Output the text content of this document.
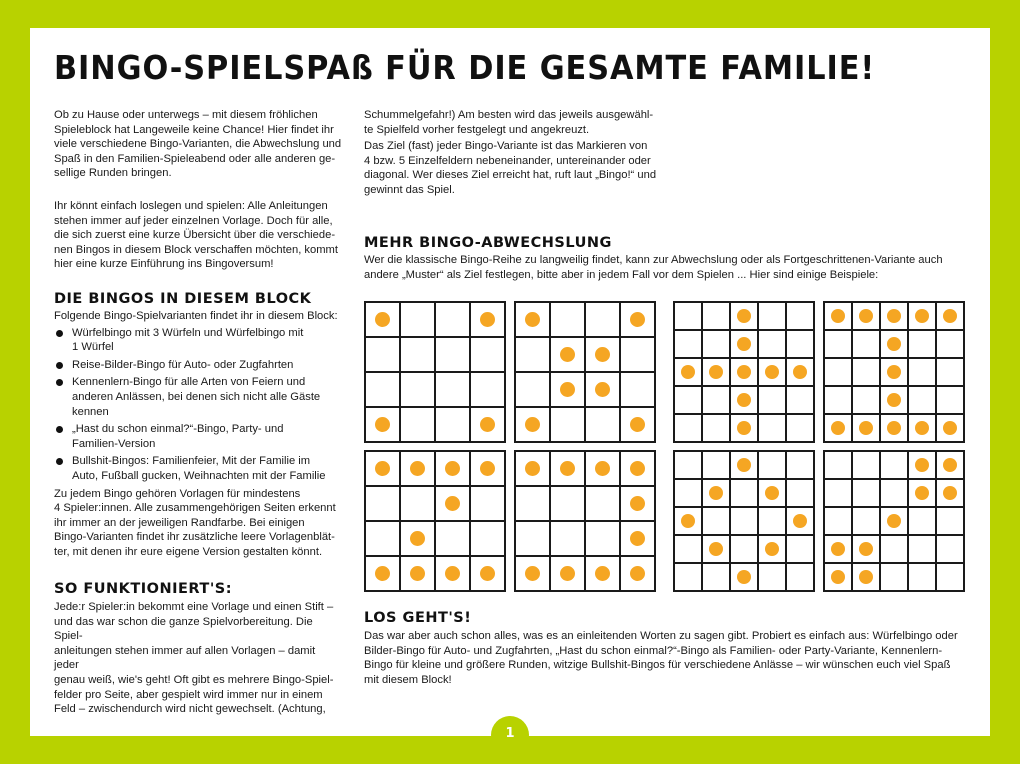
BINGO-SPIELSPAß FÜR DIE GESAMTE FAMILIE!
Ob zu Hause oder unterwegs – mit diesem fröhlichen
Spieleblock hat Langeweile keine Chance! Hier findet ihr
viele verschiedene Bingo-Varianten, die Abwechslung und
Spaß in den Familien-Spieleabend oder alle anderen ge-
sellige Runden bringen.
Ihr könnt einfach loslegen und spielen: Alle Anleitungen
stehen immer auf jeder einzelnen Vorlage. Doch für alle,
die sich zuerst eine kurze Übersicht über die verschiede-
nen Bingos in diesem Block verschaffen möchten, kommt
hier eine kurze Einführung ins Bingoversum!
DIE BINGOS IN DIESEM BLOCK
Folgende Bingo-Spielvarianten findet ihr in diesem Block:
Würfelbingo mit 3 Würfeln und Würfelbingo mit
1 Würfel
Reise-Bilder-Bingo für Auto- oder Zugfahrten
Kennenlern-Bingo für alle Arten von Feiern und
anderen Anlässen, bei denen sich nicht alle Gäste
kennen
„Hast du schon einmal?“-Bingo, Party- und
Familien-Version
Bullshit-Bingos: Familienfeier, Mit der Familie im
Auto, Fußball gucken, Weihnachten mit der Familie
Zu jedem Bingo gehören Vorlagen für mindestens
4 Spieler:innen. Alle zusammengehörigen Seiten erkennt
ihr immer an der jeweiligen Randfarbe. Bei einigen
Bingo-Varianten findet ihr zusätzliche leere Vorlagenblät-
ter, mit denen ihr eure eigene Version gestalten könnt.
SO FUNKTIONIERT'S:
Jede:r Spieler:in bekommt eine Vorlage und einen Stift –
und das war schon die ganze Spielvorbereitung. Die Spiel-
anleitungen stehen immer auf allen Vorlagen – damit jeder
genau weiß, wie's geht! Oft gibt es mehrere Bingo-Spiel-
felder pro Seite, aber gespielt wird immer nur in einem
Feld – zwischendurch wird nicht gewechselt. (Achtung,
Schummelgefahr!) Am besten wird das jeweils ausgewähl-
te Spielfeld vorher festgelegt und angekreuzt.
Das Ziel (fast) jeder Bingo-Variante ist das Markieren von
4 bzw. 5 Einzelfeldern nebeneinander, untereinander oder
diagonal. Wer dieses Ziel erreicht hat, ruft laut „Bingo!“ und
gewinnt das Spiel.
MEHR BINGO-ABWECHSLUNG
Wer die klassische Bingo-Reihe zu langweilig findet, kann zur Abwechslung oder als Fortgeschrittenen-Variante auch
andere „Muster“ als Ziel festlegen, bitte aber in jedem Fall vor dem Spielen ... Hier sind einige Beispiele:
LOS GEHT'S!
Das war aber auch schon alles, was es an einleitenden Worten zu sagen gibt. Probiert es einfach aus: Würfelbingo oder
Bilder-Bingo für Auto- und Zugfahrten, „Hast du schon einmal?“-Bingo als Familien- oder Party-Variante, Kennenlern-
Bingo für kleine und größere Runden, witzige Bullshit-Bingos für verschiedene Anlässe – wir wünschen euch viel Spaß
mit diesem Block!
1
